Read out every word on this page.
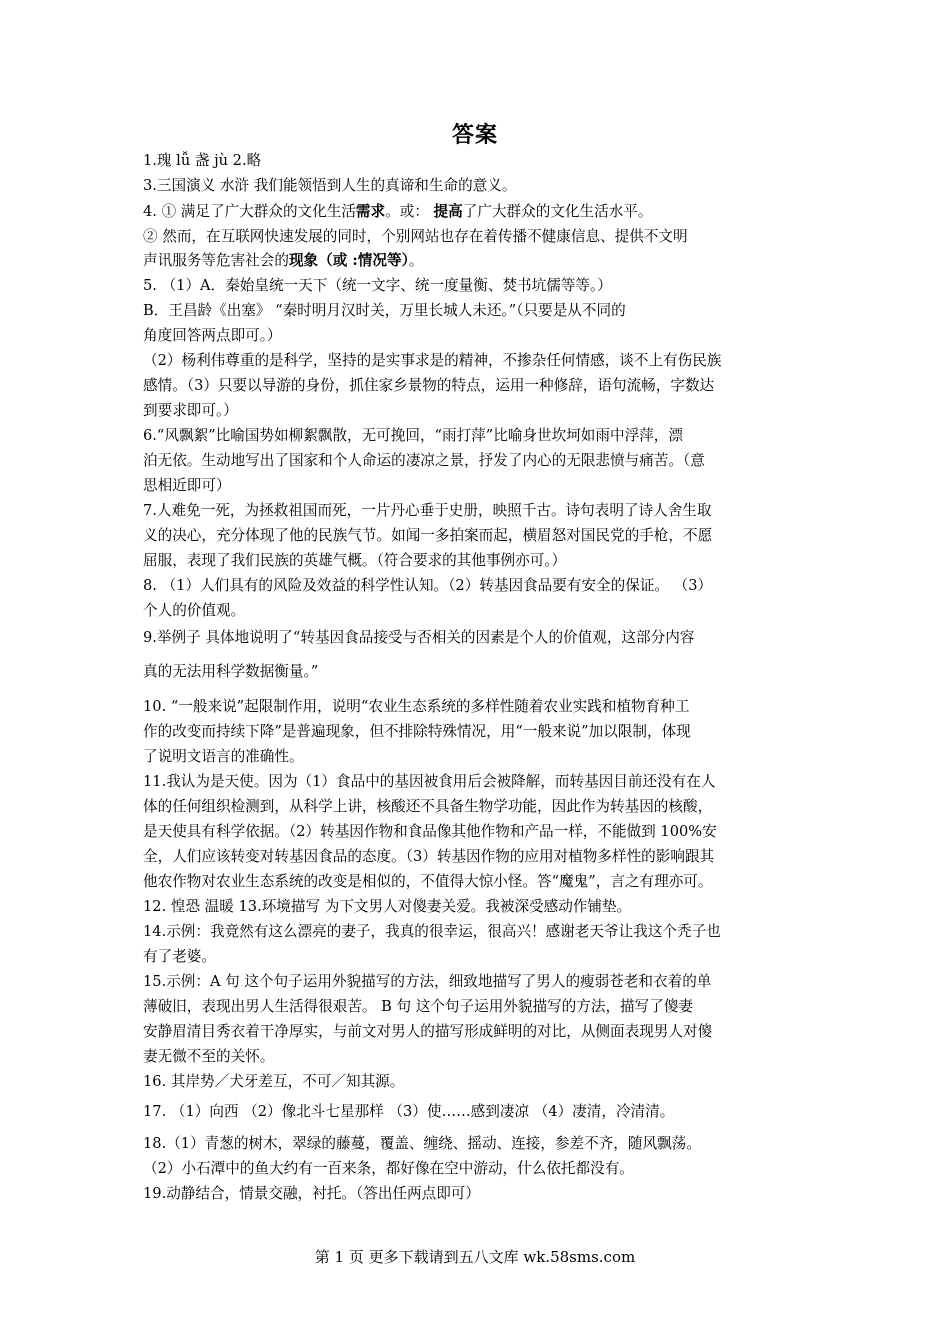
答案
1.瑰 lǚ 盏 jù 2.略
3.三国演义 水浒 我们能领悟到人生的真谛和生命的意义。
4. ① 满足了广大群众的文化生活需求。或： 提高了广大群众的文化生活水平。
② 然而，在互联网快速发展的同时，个别网站也存在着传播不健康信息、提供不文明
声讯服务等危害社会的现象（或 :情况等）。
5. （1）A．秦始皇统一天下（统一文字、统一度量衡、焚书坑儒等等。）
B．王昌龄《出塞》 “秦时明月汉时关，万里长城人未还。”（只要是从不同的
角度回答两点即可。）
（2）杨利伟尊重的是科学，坚持的是实事求是的精神，不掺杂任何情感，谈不上有伤民族
感情。（3）只要以导游的身份，抓住家乡景物的特点，运用一种修辞，语句流畅，字数达
到要求即可。）
6.“风飘絮”比喻国势如柳絮飘散，无可挽回，“雨打萍”比喻身世坎坷如雨中浮萍，漂
泊无依。生动地写出了国家和个人命运的凄凉之景，抒发了内心的无限悲愤与痛苦。（意
思相近即可）
7.人难免一死，为拯救祖国而死，一片丹心垂于史册，映照千古。诗句表明了诗人舍生取
义的决心，充分体现了他的民族气节。如闻一多拍案而起，横眉怒对国民党的手枪，不愿
屈服，表现了我们民族的英雄气概。（符合要求的其他事例亦可。）
8. （1）人们具有的风险及效益的科学性认知。（2）转基因食品要有安全的保证。 （3）
个人的价值观。
9.举例子 具体地说明了“转基因食品接受与否相关的因素是个人的价值观，这部分内容
真的无法用科学数据衡量。”
10. “一般来说”起限制作用，说明“农业生态系统的多样性随着农业实践和植物育种工
作的改变而持续下降”是普遍现象，但不排除特殊情况，用“一般来说”加以限制，体现
了说明文语言的准确性。
11.我认为是天使。因为（1）食品中的基因被食用后会被降解，而转基因目前还没有在人
体的任何组织检测到，从科学上讲，核酸还不具备生物学功能，因此作为转基因的核酸，
是天使具有科学依据。（2）转基因作物和食品像其他作物和产品一样，不能做到 100%安
全，人们应该转变对转基因食品的态度。（3）转基因作物的应用对植物多样性的影响跟其
他农作物对农业生态系统的改变是相似的，不值得大惊小怪。答“魔鬼”，言之有理亦可。
12. 惶恐 温暖 13.环境描写 为下文男人对傻妻关爱。我被深受感动作铺垫。
14.示例：我竟然有这么漂亮的妻子，我真的很幸运，很高兴！感谢老天爷让我这个秃子也
有了老婆。
15.示例：A 句 这个句子运用外貌描写的方法，细致地描写了男人的瘦弱苍老和衣着的单
薄破旧，表现出男人生活得很艰苦。 B 句 这个句子运用外貌描写的方法，描写了傻妻
安静眉清目秀衣着干净厚实，与前文对男人的描写形成鲜明的对比，从侧面表现男人对傻
妻无微不至的关怀。
16. 其岸势／犬牙差互，不可／知其源。
17. （1）向西 （2）像北斗七星那样 （3）使……感到凄凉 （4）凄清，冷清清。
18.（1）青葱的树木，翠绿的藤蔓，覆盖、缠绕、摇动、连接，参差不齐，随风飘荡。
（2）小石潭中的鱼大约有一百来条，都好像在空中游动，什么依托都没有。
19.动静结合，情景交融，衬托。（答出任两点即可）
第 1 页 更多下载请到五八文库 wk.58sms.com
